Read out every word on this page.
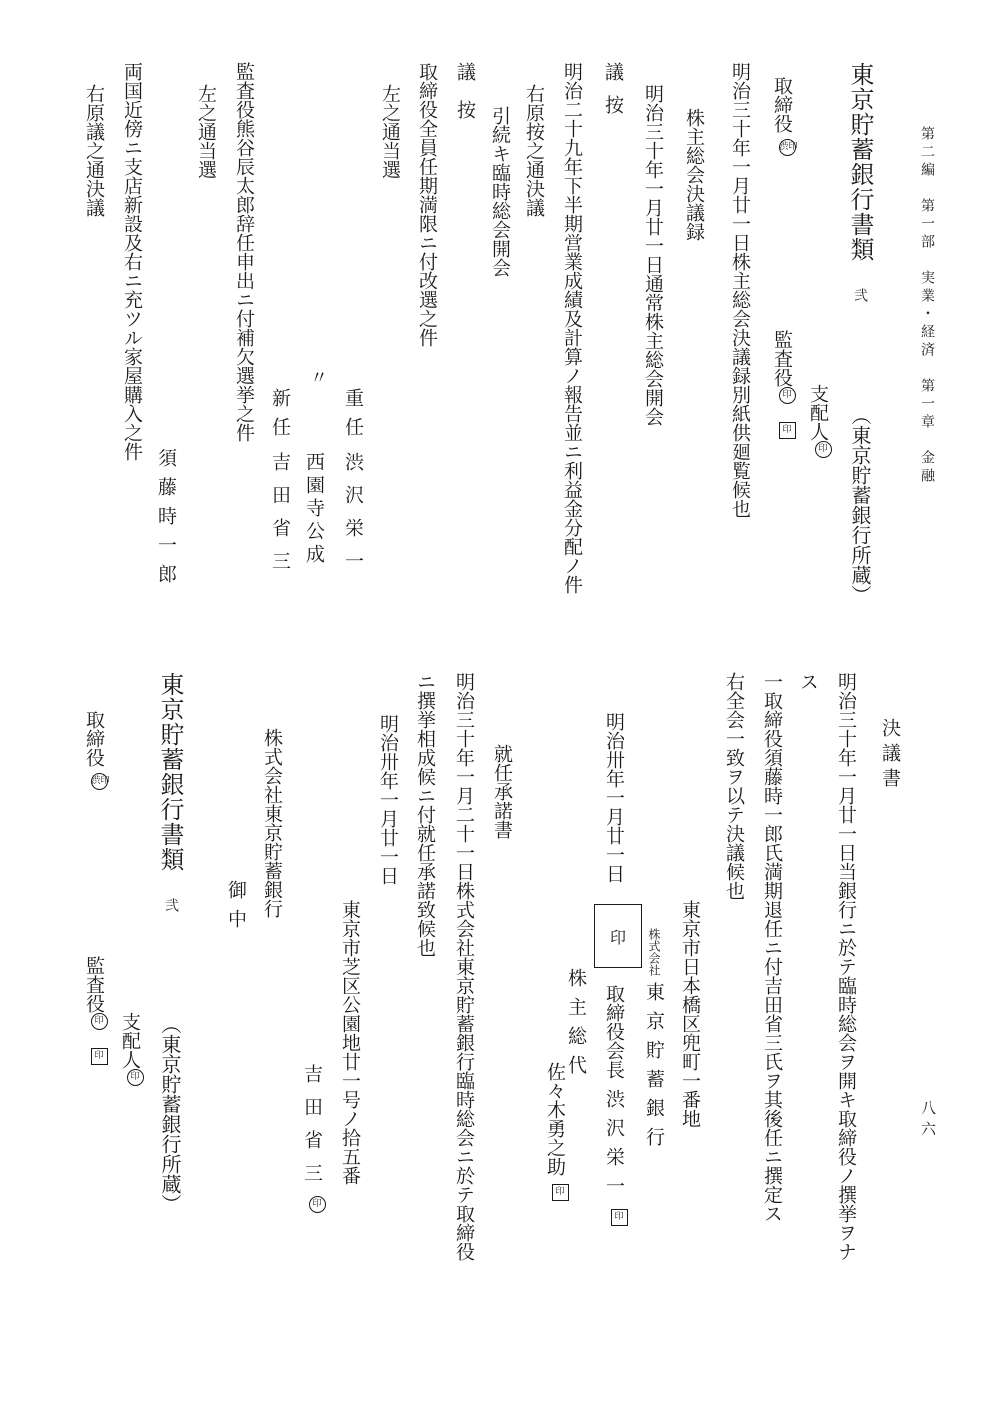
第二編　第一部　実業・経済　第一章　金融
八六
東京貯蓄銀行書類
弐
（東京貯蓄銀行所蔵）
支配人印
取締役渋印
監査役印印
明治三十年一月廿一日株主総会決議録別紙供廻覧候也
株主総会決議録
明治三十年一月廿一日通常株主総会開会
議按
明治二十九年下半期営業成績及計算ノ報告並ニ利益金分配ノ件
右原按之通決議
引続キ臨時総会開会
議　按
取締役全員任期満限ニ付改選之件
左之通当選
重任
渋沢栄一
〃
西園寺公成
新任
吉田省三
監査役熊谷辰太郎辞任申出ニ付補欠選挙之件
左之通当選
須藤時一郎
両国近傍ニ支店新設及右ニ充ツル家屋購入之件
右原議之通決議
決議書
明治三十年一月廿一日当銀行ニ於テ臨時総会ヲ開キ取締役ノ撰挙ヲナ
ス
一取締役須藤時一郎氏満期退任ニ付吉田省三氏ヲ其後任ニ撰定ス
右全会一致ヲ以テ決議候也
東京市日本橋区兜町一番地
株式会社東京貯蓄銀行
明治卅年一月廿一日
印
取締役会長渋沢栄一印
株主総代
佐々木勇之助印
就任承諾書
明治三十年一月二十一日株式会社東京貯蓄銀行臨時総会ニ於テ取締役
ニ撰挙相成候ニ付就任承諾致候也
明治卅年一月廿一日
東京市芝区公園地廿一号ノ拾五番
吉田省三印
株式会社東京貯蓄銀行
御中
東京貯蓄銀行書類
弐
（東京貯蓄銀行所蔵）
支配人印
取締役渋印
監査役印印
